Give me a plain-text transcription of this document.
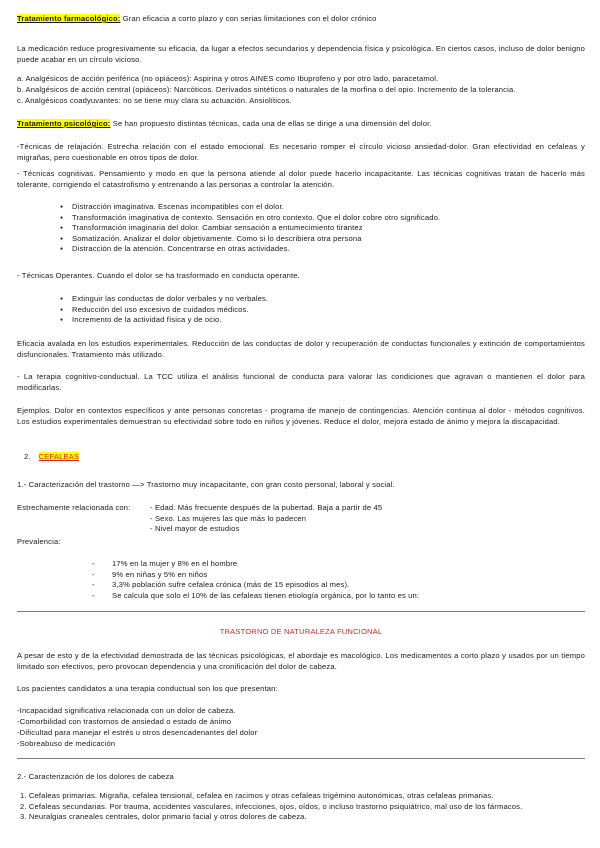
Tratamiento farmacológico: Gran eficacia a corto plazo y con serias limitaciones con el dolor crónico

La medicación reduce progresivamente su eficacia, da lugar a efectos secundarios y dependencia física y psicológica. En ciertos casos, incluso de dolor benigno puede acabar en un círculo vicioso.

a. Analgésicos de acción periférica (no opiáceos): Aspirina y otros AINES como Ibuprofeno y por otro lado, paracetamol.
b. Analgésicos de acción central (opiáceos): Narcóticos. Derivados sintéticos o naturales de la morfina o del opio. Incremento de la tolerancia.
c. Analgésicos coadyuvantes: no se tiene muy clara su actuación. Ansiolíticos.

Tratamiento psicológico: Se han propuesto distintas técnicas, cada una de ellas se dirige a una dimensión del dolor.

-Técnicas de relajación. Estrecha relación con el estado emocional. Es necesario romper el círculo vicioso ansiedad-dolor. Gran efectividad en cefaleas y migrañas, pero cuestionable en otros tipos de dolor.

- Técnicas cognitivas. Pensamiento y modo en que la persona atiende al dolor puede hacerlo incapacitante. Las técnicas cognitivas tratan de hacerlo más tolerante, corrigiendo el catastrofismo y entrenando a las personas a controlar la atención.

● Distracción imaginativa. Escenas incompatibles con el dolor.
● Transformación imaginativa de contexto. Sensación en otro contexto. Que el dolor cobre otro significado.
● Transformación imaginaria del dolor. Cambiar sensación a entumecimiento tirantez
● Somatización. Analizar el dolor objetivamente. Como si lo describiera otra persona
● Distracción de la atención. Concentrarse en otras actividades.
- Técnicas Operantes. Cuando el dolor se ha trasformado en conducta operante.
● Extinguir las conductas de dolor verbales y no verbales.
● Reducción del uso excesivo de cuidados médicos.
● Incremento de la actividad física y de ocio.

Eficacia avalada en los estudios experimentales. Reducción de las conductas de dolor y recuperación de conductas funcionales y extinción de comportamientos disfuncionales. Tratamiento más utilizado.

- La terapia cognitivo-conductual. La TCC utiliza el análisis funcional de conducta para valorar las condiciones que agravan o mantienen el dolor para modificarlas.

Ejemplos. Dolor en contextos específicos y ante personas concretas - programa de manejo de contingencias. Atención continua al dolor - métodos cognitivos. Los estudios experimentales demuestran su efectividad sobre todo en niños y jóvenes. Reduce el dolor, mejora estado de ánimo y mejora la discapacidad.

2. CEFALEAS
1.- Caracterización del trastorno —> Trastorno muy incapacitante, con gran costo personal, laboral y social.
Estrechamente relacionada con:	- Edad. Más frecuente después de la pubertad. Baja a partir de 45
- Sexo. Las mujeres las que más lo padecen
- Nivel mayor de estudios
Prevalencia:
- 17% en la mujer y 8% en el hombre
- 9% en niñas y 5% en niños
- 3,3% población sufre cefalea crónica (más de 15 episodios al mes).
- Se calcula que solo el 10% de las cefaleas tienen etiología orgánica, por lo tanto es un:
TRASTORNO DE NATURALEZA FUNCIONAL

A pesar de esto y de la efectividad demostrada de las técnicas psicológicas, el abordaje es macológico. Los medicamentos a corto plazo y usados por un tiempo limitado son efectivos, pero provocan dependencia y una cronificación del dolor de cabeza.

Los pacientes candidatos a una terapia conductual son los que presentan:
-Incapacidad significativa relacionada con un dolor de cabeza.
-Comorbilidad con trastornos de ansiedad o estado de ánimo
-Dificultad para manejar el estrés u otros desencadenantes del dolor
-Sobreabuso de medicación
2.- Caracterización de los dolores de cabeza
1. Cefaleas primarias. Migraña, cefalea tensional, cefalea en racimos y otras cefaleas trigémino autonómicas, otras cefaleas primarias.
2. Cefaleas secundarias. Por trauma, accidentes vasculares, infecciones, ojos, oídos, o incluso trastorno psiquiátrico, mal uso de los fármacos.
3. Neuralgias craneales centrales, dolor primario facial y otros dolores de cabeza.
